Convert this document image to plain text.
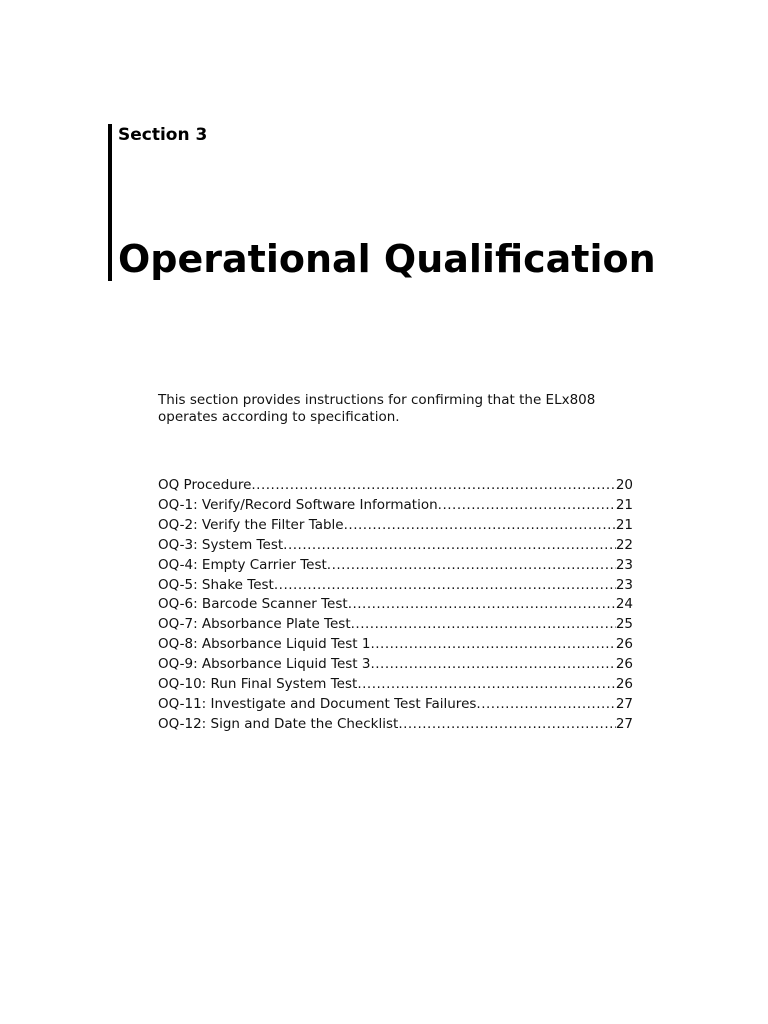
Section 3
Operational Qualification

This section provides instructions for confirming that the ELx808 operates according to specification.

OQ Procedure .....	20
OQ-1: Verify/Record Software Information .....	21
OQ-2: Verify the Filter Table .....	21
OQ-3: System Test .....	22
OQ-4: Empty Carrier Test .....	23
OQ-5: Shake Test .....	23
OQ-6: Barcode Scanner Test .....	24
OQ-7: Absorbance Plate Test .....	25
OQ-8: Absorbance Liquid Test 1 .....	26
OQ-9: Absorbance Liquid Test 3 .....	26
OQ-10: Run Final System Test .....	26
OQ-11: Investigate and Document Test Failures .....	27
OQ-12: Sign and Date the Checklist .....	27
